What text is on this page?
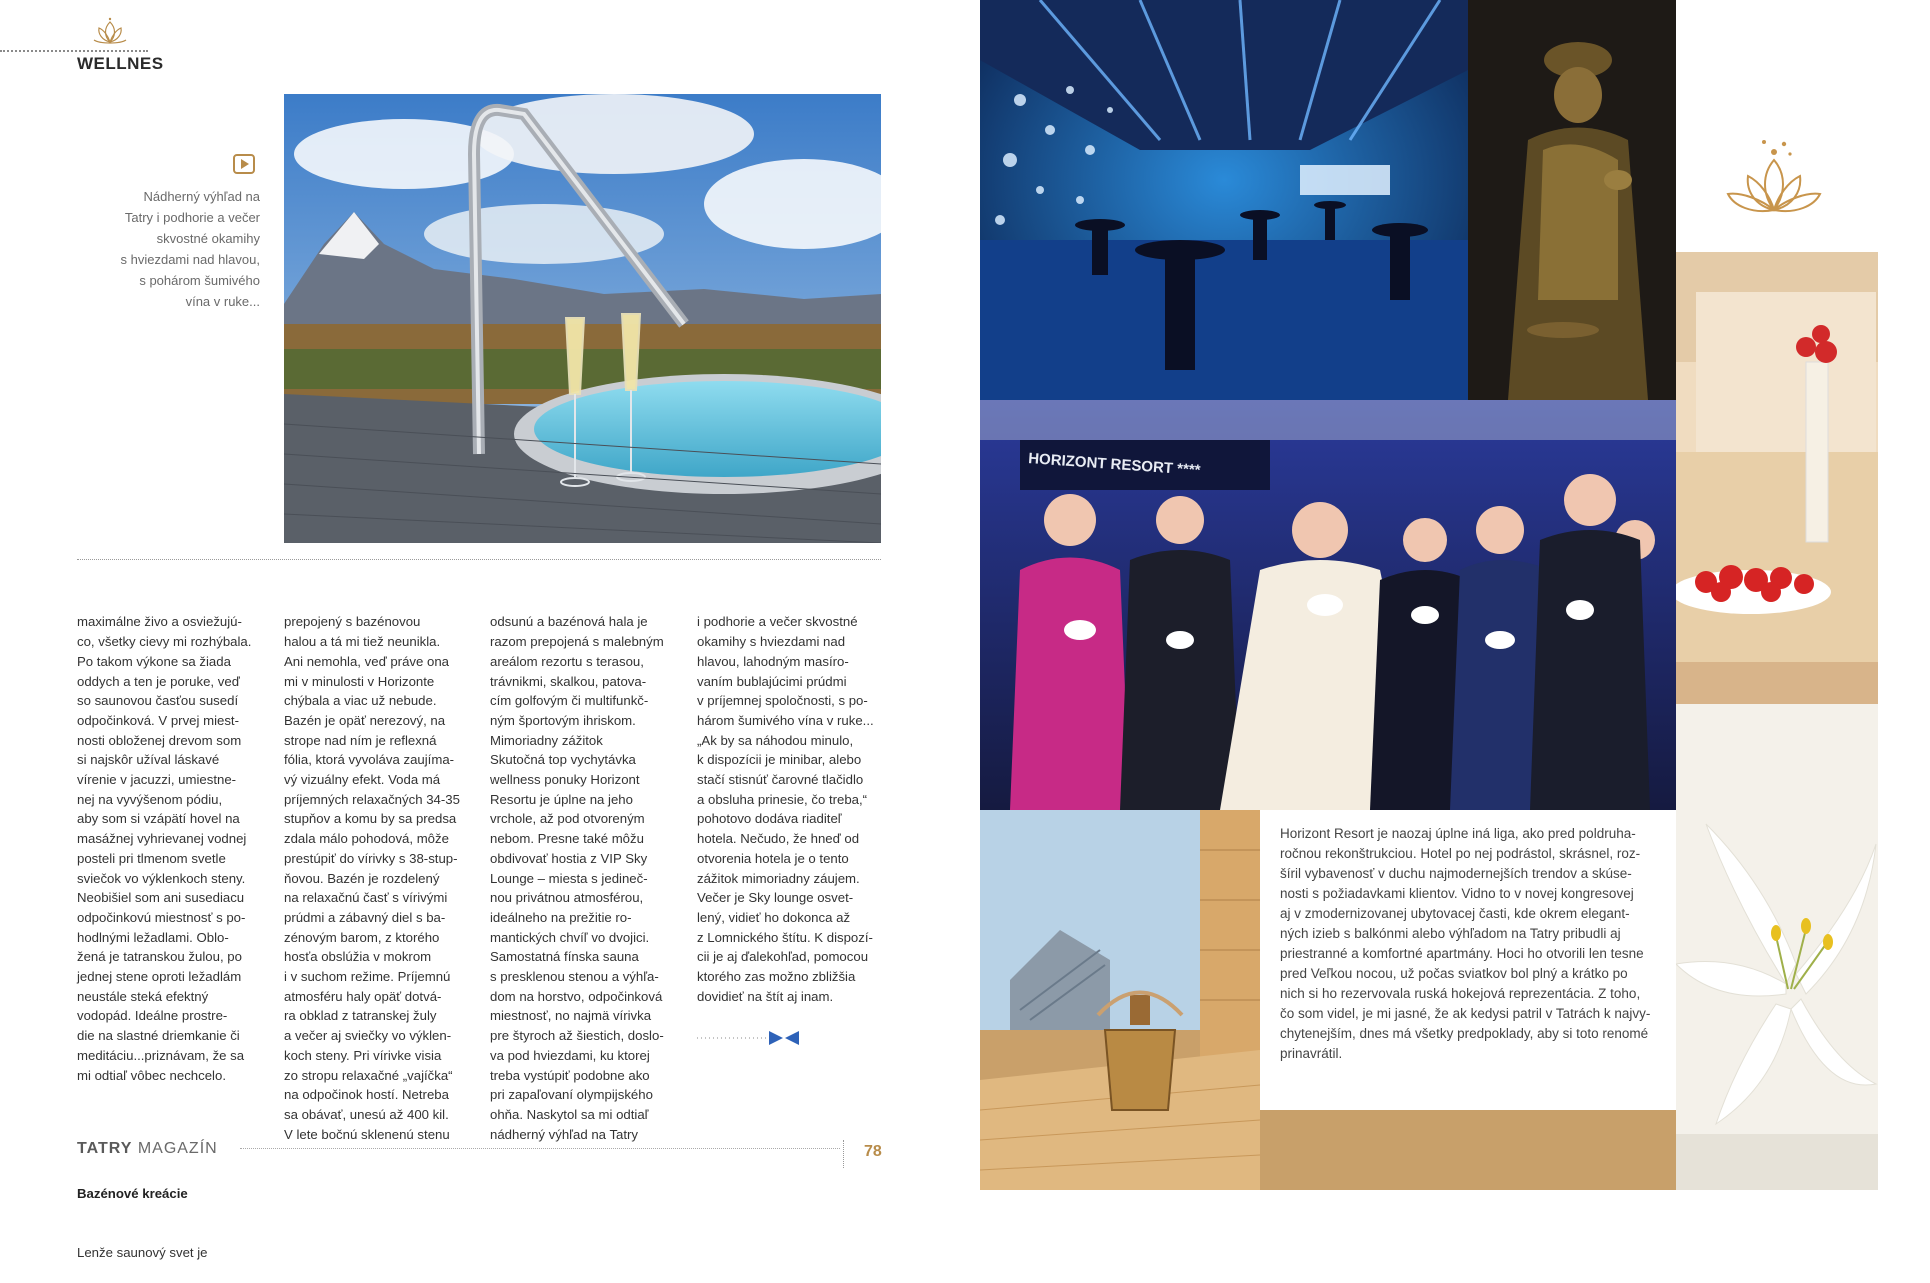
WELLNES
Nádherný výhľad na
Tatry i podhorie a večer
skvostné okamihy
s hviezdami nad hlavou,
s pohárom šumivého
vína v ruke...

maximálne živo a osviežujú-
co, všetky cievy mi rozhýbala.
Po takom výkone sa žiada
oddych a ten je poruke, veď
so saunovou časťou susedí
odpočinková. V prvej miest-
nosti obloženej drevom som
si najskôr užíval láskavé
vírenie v jacuzzi, umiestne-
nej na vyvýšenom pódiu,
aby som si vzápätí hovel na
masážnej vyhrievanej vodnej
posteli pri tlmenom svetle
sviečok vo výklenkoch steny.
Neobišiel som ani susediacu
odpočinkovú miestnosť s po-
hodlnými ležadlami. Oblo-
žená je tatranskou žulou, po
jednej stene oproti ležadlám
neustále steká efektný
vodopád. Ideálne prostre-
die na slastné driemkanie či
meditáciu...priznávam, že sa
mi odtiaľ vôbec nechcelo.

Bazénové kreácie

Lenže saunový svet je

prepojený s bazénovou
halou a tá mi tiež neunikla.
Ani nemohla, veď práve ona
mi v minulosti v Horizonte
chýbala a viac už nebude.
Bazén je opäť nerezový, na
strope nad ním je reflexná
fólia, ktorá vyvoláva zaujíma-
vý vizuálny efekt. Voda má
príjemných relaxačných 34-35
stupňov a komu by sa predsa
zdala málo pohodová, môže
prestúpiť do vírivky s 38-stup-
ňovou. Bazén je rozdelený
na relaxačnú časť s vírivými
prúdmi a zábavný diel s ba-
zénovým barom, z ktorého
hosťa obslúžia v mokrom
i v suchom režime. Príjemnú
atmosféru haly opäť dotvá-
ra obklad z tatranskej žuly
a večer aj sviečky vo výklen-
koch steny. Pri vírivke visia
zo stropu relaxačné „vajíčka“
na odpočinok hostí. Netreba
sa obávať, unesú až 400 kil.
V lete bočnú sklenenú stenu

odsunú a bazénová hala je
razom prepojená s malebným
areálom rezortu s terasou,
trávnikmi, skalkou, patova-
cím golfovým či multifunkč-
ným športovým ihriskom.
Mimoriadny zážitok
Skutočná top vychytávka
wellness ponuky Horizont
Resortu je úplne na jeho
vrchole, až pod otvoreným
nebom. Presne také môžu
obdivovať hostia z VIP Sky
Lounge – miesta s jedineč-
nou privátnou atmosférou,
ideálneho na prežitie ro-
mantických chvíľ vo dvojici.
Samostatná fínska sauna
s presklenou stenou a výhľa-
dom na horstvo, odpočinková
miestnosť, no najmä vírivka
pre štyroch až šiestich, doslo-
va pod hviezdami, ku ktorej
treba vystúpiť podobne ako
pri zapaľovaní olympijského
ohňa. Naskytol sa mi odtiaľ
nádherný výhľad na Tatry

i podhorie a večer skvostné
okamihy s hviezdami nad
hlavou, lahodným masíro-
vaním bublajúcimi prúdmi
v príjemnej spoločnosti, s po-
három šumivého vína v ruke...
„Ak by sa náhodou minulo,
k dispozícii je minibar, alebo
stačí stisnúť čarovné tlačidlo
a obsluha prinesie, čo treba,“
pohotovo dodáva riaditeľ
hotela. Nečudo, že hneď od
otvorenia hotela je o tento
zážitok mimoriadny záujem.
Večer je Sky lounge osvet-
lený, vidieť ho dokonca až
z Lomnického štítu. K dispozí-
cii je aj ďalekohľad, pomocou
ktorého zas možno zbližšia
dovidieť na štít aj inam.

TATRY MAGAZÍN	78
HORIZONT RESORT ****
Horizont Resort je naozaj úplne iná liga, ako pred poldruha-
ročnou rekonštrukciou. Hotel po nej podrástol, skrásnel, roz-
šíril vybavenosť v duchu najmodernejších trendov a skúse-
nosti s požiadavkami klientov. Vidno to v novej kongresovej
aj v zmodernizovanej ubytovacej časti, kde okrem elegant-
ných izieb s balkónmi alebo výhľadom na Tatry pribudli aj
priestranné a komfortné apartmány. Hoci ho otvorili len tesne
pred Veľkou nocou, už počas sviatkov bol plný a krátko po
nich si ho rezervovala ruská hokejová reprezentácia. Z toho,
čo som videl, je mi jasné, že ak kedysi patril v Tatrách k najvy-
chytenejším, dnes má všetky predpoklady, aby si toto renomé
prinavrátil.
